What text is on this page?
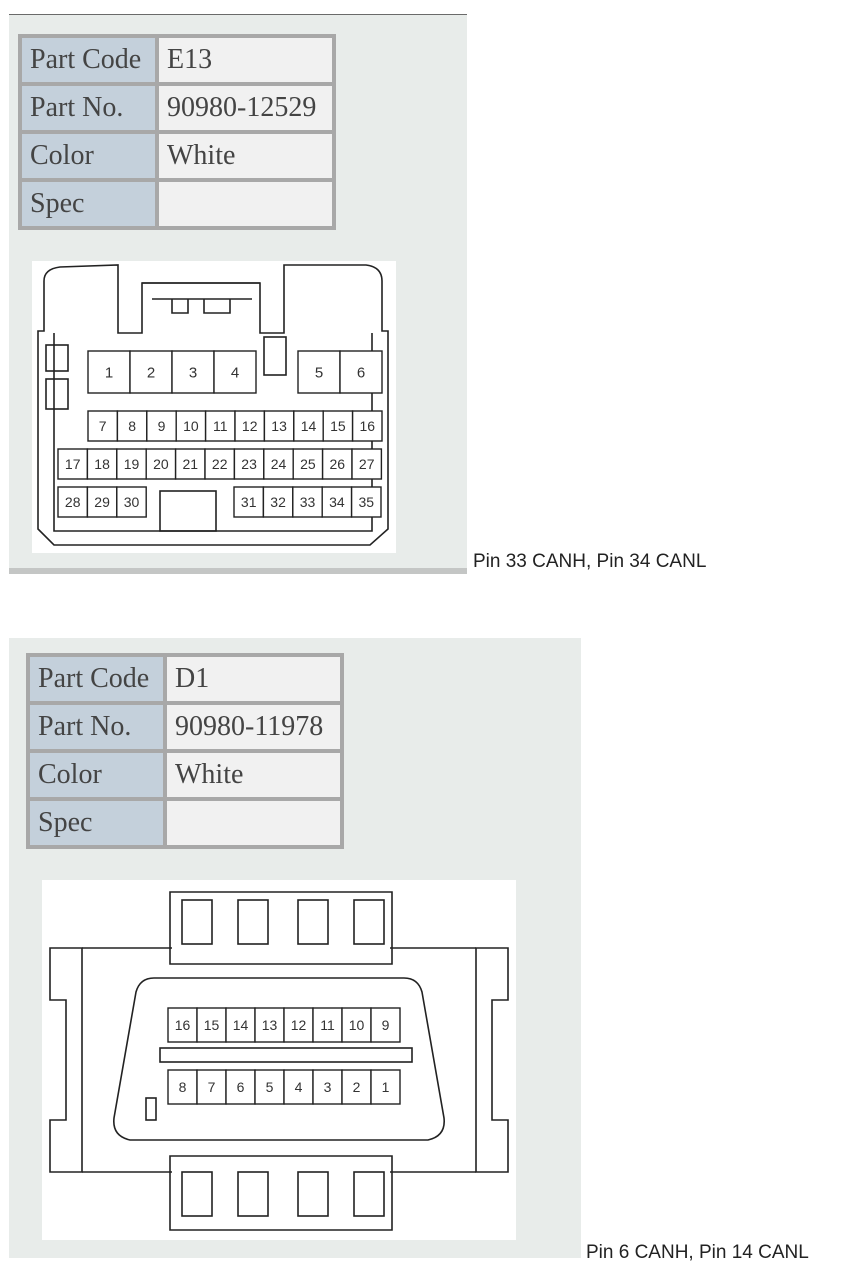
Part Code	E13
Part No.	90980-12529
Color	White
Spec	
1 2 3 4	5 6
7 8 9 10 11 12 13 14 15 16
17 18 19 20 21 22 23 24 25 26 27
28 29 30	31 32 33 34 35
Pin 33 CANH, Pin 34 CANL
Part Code	D1
Part No.	90980-11978
Color	White
Spec	
16 15 14 13 12 11 10 9
8 7 6 5 4 3 2 1
Pin 6 CANH, Pin 14 CANL
